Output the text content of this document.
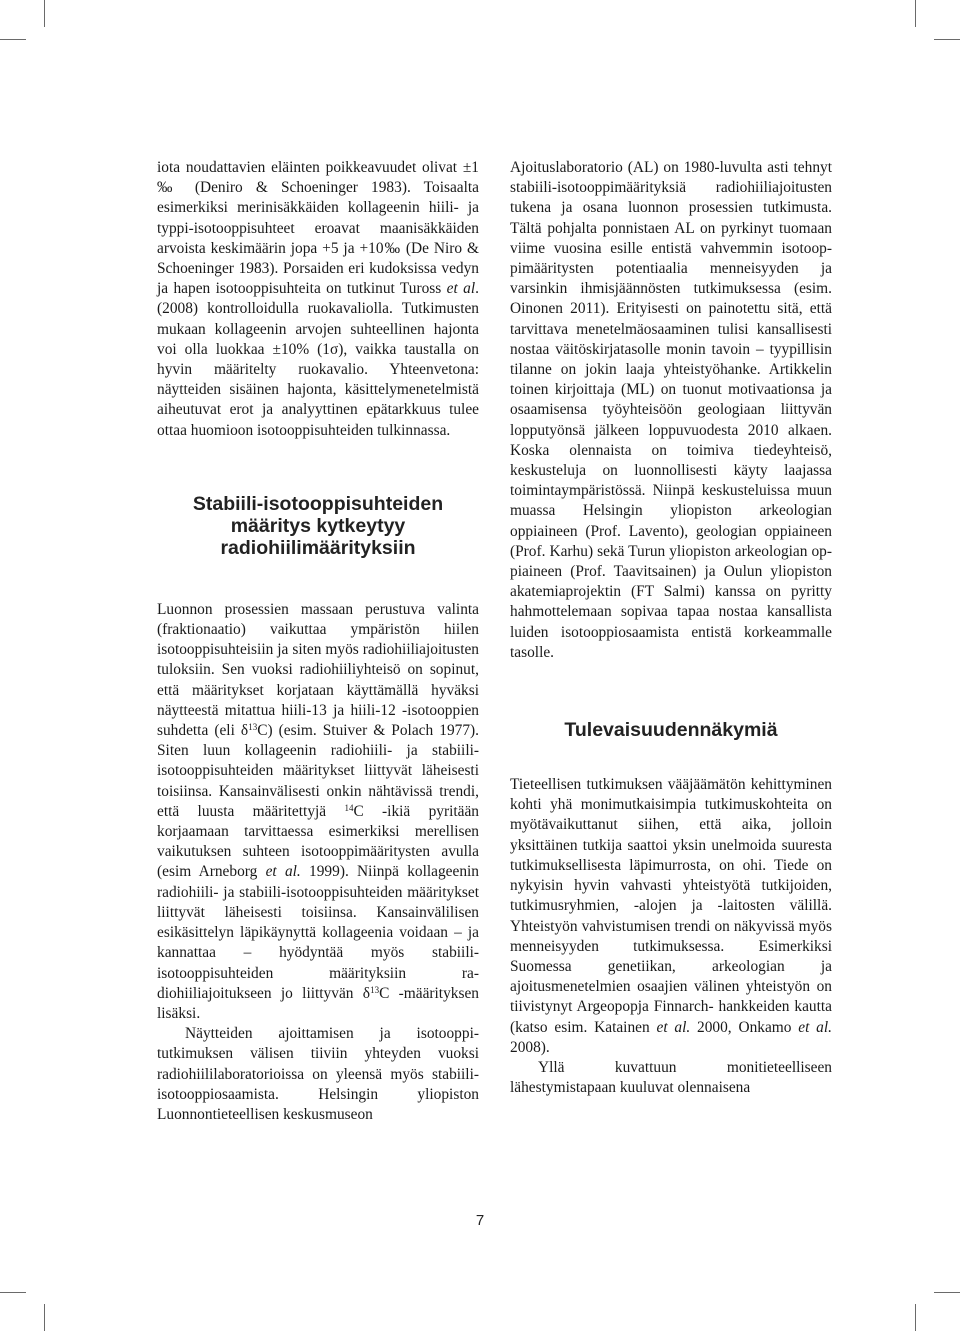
iota noudattavien eläinten poikkeavuudet olivat ±1 ‰ (Deniro & Schoeninger 1983). Toisaalta esimerkiksi merinisäkkäiden kollageenin hiili- ja typpi-isotooppisuhteet eroavat maanisäkkäiden arvoista keskimäärin jopa +5 ja +10‰ (De Niro & Schoeninger 1983). Porsaiden eri kudoksissa vedyn ja hapen isotooppisuhteita on tutkinut Tuross et al. (2008) kontrolloidulla ruokavaliolla. Tutkimusten mukaan kollageenin arvojen suhteellinen hajonta voi olla luokkaa ±10% (1σ), vaikka taustalla on hyvin määritelty ruokavalio. Yhteenvetona: näytteiden sisäinen hajonta, käsittelymenetelmistä aiheutuvat erot ja analyyttinen epätarkkuus tulee ottaa huomioon isotooppisuhteiden tulkinnassa.

Stabiili-isotooppisuhteiden määritys kytkeytyy radiohiilimäärityksiin

Luonnon prosessien massaan perustuva valinta (fraktionaatio) vaikuttaa ympäristön hiilen isotooppisuhteisiin ja siten myös radiohiiliajoitusten tuloksiin. Sen vuoksi radiohiiliyhteisö on sopinut, että määritykset korjataan käyttämällä hyväksi näytteestä mitattua hiili-13 ja hiili-12 -isotooppien suhdetta (eli $\delta^{13}C$) (esim. Stuiver & Polach 1977). Siten luun kollageenin radiohiili- ja stabiili-isotooppisuhteiden määritykset liittyvät läheisesti toisiinsa. Kansainvälisesti onkin nähtävissä trendi, että luusta määritettyjä $^{14}$C -ikiä pyritään korjaamaan tarvittaessa esimerkiksi merellisen vaikutuksen suhteen isotooppimääritysten avulla (esim Arneborg et al. 1999). Niinpä kollageenin radiohiili- ja stabiili-isotooppisuhteiden määritykset liittyvät läheisesti toisiinsa. Kansainvälilisen esikäsittelyn läpikäynyttä kollageenia voidaan – ja kannattaa – hyödyntää myös stabiili-isotooppisuhteiden määrityksiin radiohiiliajoitukseen jo liittyvän $\delta^{13}C$ -määrityksen lisäksi.

Näytteiden ajoittamisen ja isotooppitutkimuksen välisen tiiviin yhteyden vuoksi radiohiililaboratorioissa on yleensä myös stabiili-isotooppiosaamista. Helsingin yliopiston Luonnontieteellisen keskusmuseon

Ajoituslaboratorio (AL) on 1980-luvulta asti tehnyt stabiili-isotooppimäärityksiä radiohiiliajoitusten tukena ja osana luonnon prosessien tutkimusta. Tältä pohjalta ponnistaen AL on pyrkinyt tuomaan viime vuosina esille entistä vahvemmin isotooppimääritysten potentiaalia menneisyyden ja varsinkin ihmisjäännösten tutkimuksessa (esim. Oinonen 2011). Erityisesti on painotettu sitä, että tarvittava menetelmäosaaminen tulisi kansallisesti nostaa väitöskirjatasolle monin tavoin – tyypillisin tilanne on jokin laaja yhteistyöhanke. Artikkelin toinen kirjoittaja (ML) on tuonut motivaationsa ja osaamisensa työyhteisöön geologiaan liittyvän lopputyönsä jälkeen loppuvuodesta 2010 alkaen. Koska olennaista on toimiva tiedeyhteisö, keskusteluja on luonnollisesti käyty laajassa toimintaympäristössä. Niinpä keskusteluissa muun muassa Helsingin yliopiston arkeologian oppiaineen (Prof. Lavento), geologian oppiaineen (Prof. Karhu) sekä Turun yliopiston arkeologian oppiaineen (Prof. Taavitsainen) ja Oulun yliopiston akatemiaprojektin (FT Salmi) kanssa on pyritty hahmottelemaan sopivaa tapaa nostaa kansallista luiden isotooppiosaamista entistä korkeammalle tasolle.

Tulevaisuudennäkymiä

Tieteellisen tutkimuksen vääjäämätön kehittyminen kohti yhä monimutkaisimpia tutkimuskohteita on myötävaikuttanut siihen, että aika, jolloin yksittäinen tutkija saattoi yksin unelmoida suuresta tutkimuksellisesta läpimurrosta, on ohi. Tiede on nykyisin hyvin vahvasti yhteistyötä tutkijoiden, tutkimusryhmien, -alojen ja -laitosten välillä. Yhteistyön vahvistumisen trendi on näkyvissä myös menneisyyden tutkimuksessa. Esimerkiksi Suomessa genetiikan, arkeologian ja ajoitusmenetelmien osaajien välinen yhteistyön on tiivistynyt Argeopopja Finnarch- hankkeiden kautta (katso esim. Katainen et al. 2000, Onkamo et al. 2008).

Yllä kuvattuun monitieteelliseen lähestymistapaan kuuluvat olennaisena

7
